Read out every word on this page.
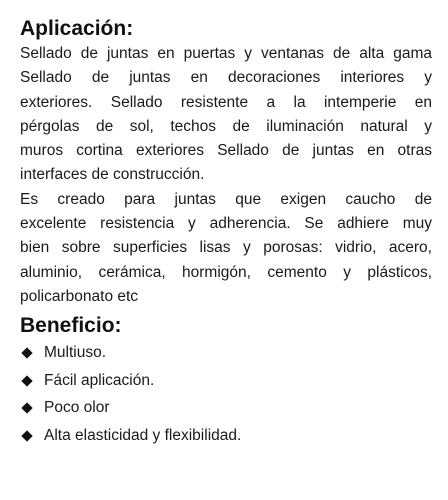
Aplicación:

Sellado de juntas en puertas y ventanas de alta gama
Sellado de juntas en decoraciones interiores y
exteriores. Sellado resistente a la intemperie en
pérgolas de sol, techos de iluminación natural y
muros cortina exteriores Sellado de juntas en otras
interfaces de construcción.

Es creado para juntas que exigen caucho de
excelente resistencia y adherencia. Se adhiere muy
bien sobre superficies lisas y porosas: vidrio, acero,
aluminio, cerámica, hormigón, cemento y plásticos,
policarbonato etc

Beneficio:
Multiuso.
Fácil aplicación.
Poco olor
Alta elasticidad y flexibilidad.
